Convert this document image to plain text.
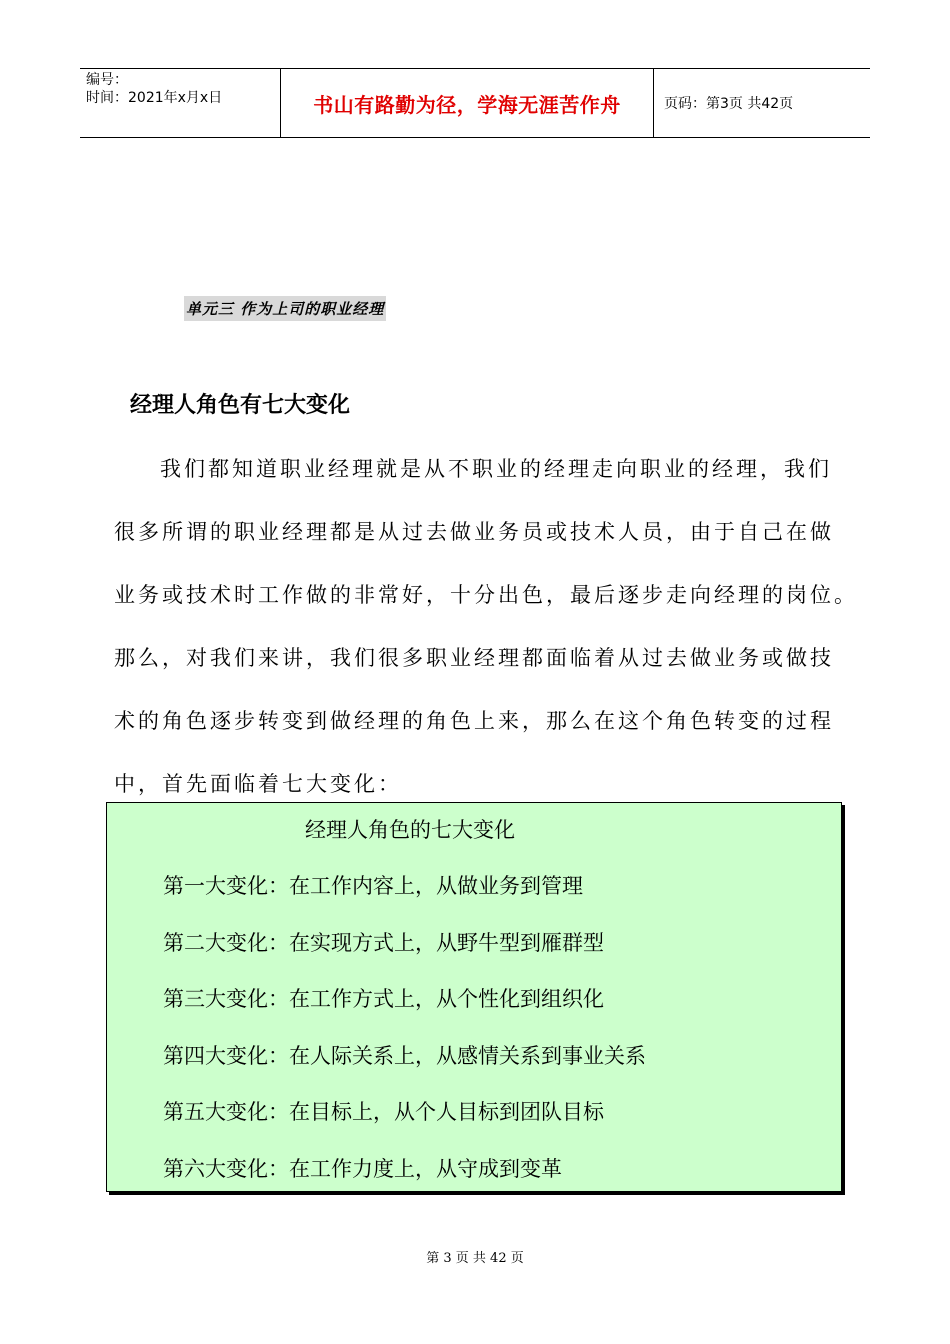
编号：
时间：2021年x月x日	书山有路勤为径，学海无涯苦作舟	页码：第3页 共42页
单元三 作为上司的职业经理
经理人角色有七大变化
我们都知道职业经理就是从不职业的经理走向职业的经理，我们
很多所谓的职业经理都是从过去做业务员或技术人员，由于自己在做
业务或技术时工作做的非常好，十分出色，最后逐步走向经理的岗位。
那么，对我们来讲，我们很多职业经理都面临着从过去做业务或做技
术的角色逐步转变到做经理的角色上来，那么在这个角色转变的过程
中，首先面临着七大变化：
经理人角色的七大变化
第一大变化：在工作内容上，从做业务到管理
第二大变化：在实现方式上，从野牛型到雁群型
第三大变化：在工作方式上，从个性化到组织化
第四大变化：在人际关系上，从感情关系到事业关系
第五大变化：在目标上，从个人目标到团队目标
第六大变化：在工作力度上，从守成到变革
第 3 页 共 42 页
